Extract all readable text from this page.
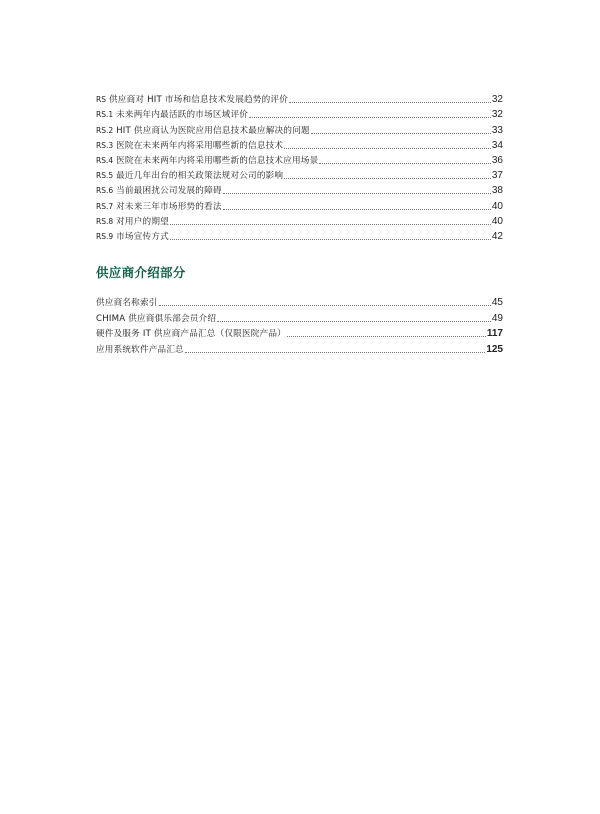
RS 供应商对 HIT 市场和信息技术发展趋势的评价	32
RS.1 未来两年内最活跃的市场区域评价	32
RS.2 HIT 供应商认为医院应用信息技术最应解决的问题	33
RS.3 医院在未来两年内将采用哪些新的信息技术	34
RS.4 医院在未来两年内将采用哪些新的信息技术应用场景	36
RS.5 最近几年出台的相关政策法规对公司的影响	37
RS.6 当前最困扰公司发展的障碍	38
RS.7 对未来三年市场形势的看法	40
RS.8 对用户的期望	40
RS.9 市场宣传方式	42
供应商介绍部分
供应商名称索引	45
CHIMA 供应商俱乐部会员介绍	49
硬件及服务 IT 供应商产品汇总（仅限医院产品）	117
应用系统软件产品汇总	125
